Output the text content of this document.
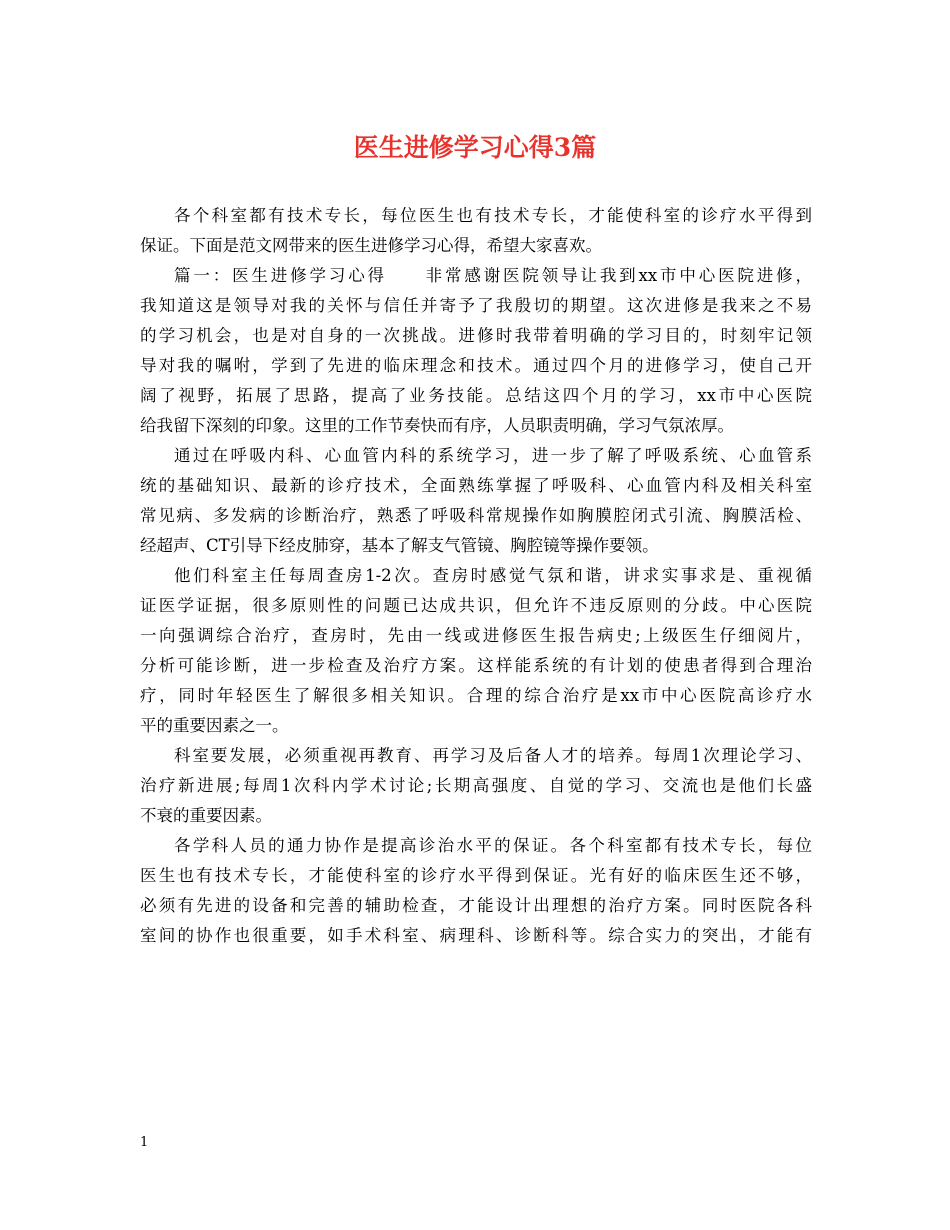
医生进修学习心得3篇
各个科室都有技术专长，每位医生也有技术专长，才能使科室的诊疗水平得到
保证。下面是范文网带来的医生进修学习心得，希望大家喜欢。
篇一：医生进修学习心得　　非常感谢医院领导让我到xx市中心医院进修，
我知道这是领导对我的关怀与信任并寄予了我殷切的期望。这次进修是我来之不易
的学习机会，也是对自身的一次挑战。进修时我带着明确的学习目的，时刻牢记领
导对我的嘱咐，学到了先进的临床理念和技术。通过四个月的进修学习，使自己开
阔了视野，拓展了思路，提高了业务技能。总结这四个月的学习，xx市中心医院
给我留下深刻的印象。这里的工作节奏快而有序，人员职责明确，学习气氛浓厚。
通过在呼吸内科、心血管内科的系统学习，进一步了解了呼吸系统、心血管系
统的基础知识、最新的诊疗技术，全面熟练掌握了呼吸科、心血管内科及相关科室
常见病、多发病的诊断治疗，熟悉了呼吸科常规操作如胸膜腔闭式引流、胸膜活检、
经超声、CT引导下经皮肺穿，基本了解支气管镜、胸腔镜等操作要领。
他们科室主任每周查房1-2次。查房时感觉气氛和谐，讲求实事求是、重视循
证医学证据，很多原则性的问题已达成共识，但允许不违反原则的分歧。中心医院
一向强调综合治疗，查房时，先由一线或进修医生报告病史;上级医生仔细阅片，
分析可能诊断，进一步检查及治疗方案。这样能系统的有计划的使患者得到合理治
疗，同时年轻医生了解很多相关知识。合理的综合治疗是xx市中心医院高诊疗水
平的重要因素之一。
科室要发展，必须重视再教育、再学习及后备人才的培养。每周1次理论学习、
治疗新进展;每周1次科内学术讨论;长期高强度、自觉的学习、交流也是他们长盛
不衰的重要因素。
各学科人员的通力协作是提高诊治水平的保证。各个科室都有技术专长，每位
医生也有技术专长，才能使科室的诊疗水平得到保证。光有好的临床医生还不够，
必须有先进的设备和完善的辅助检查，才能设计出理想的治疗方案。同时医院各科
室间的协作也很重要，如手术科室、病理科、诊断科等。综合实力的突出，才能有
1
